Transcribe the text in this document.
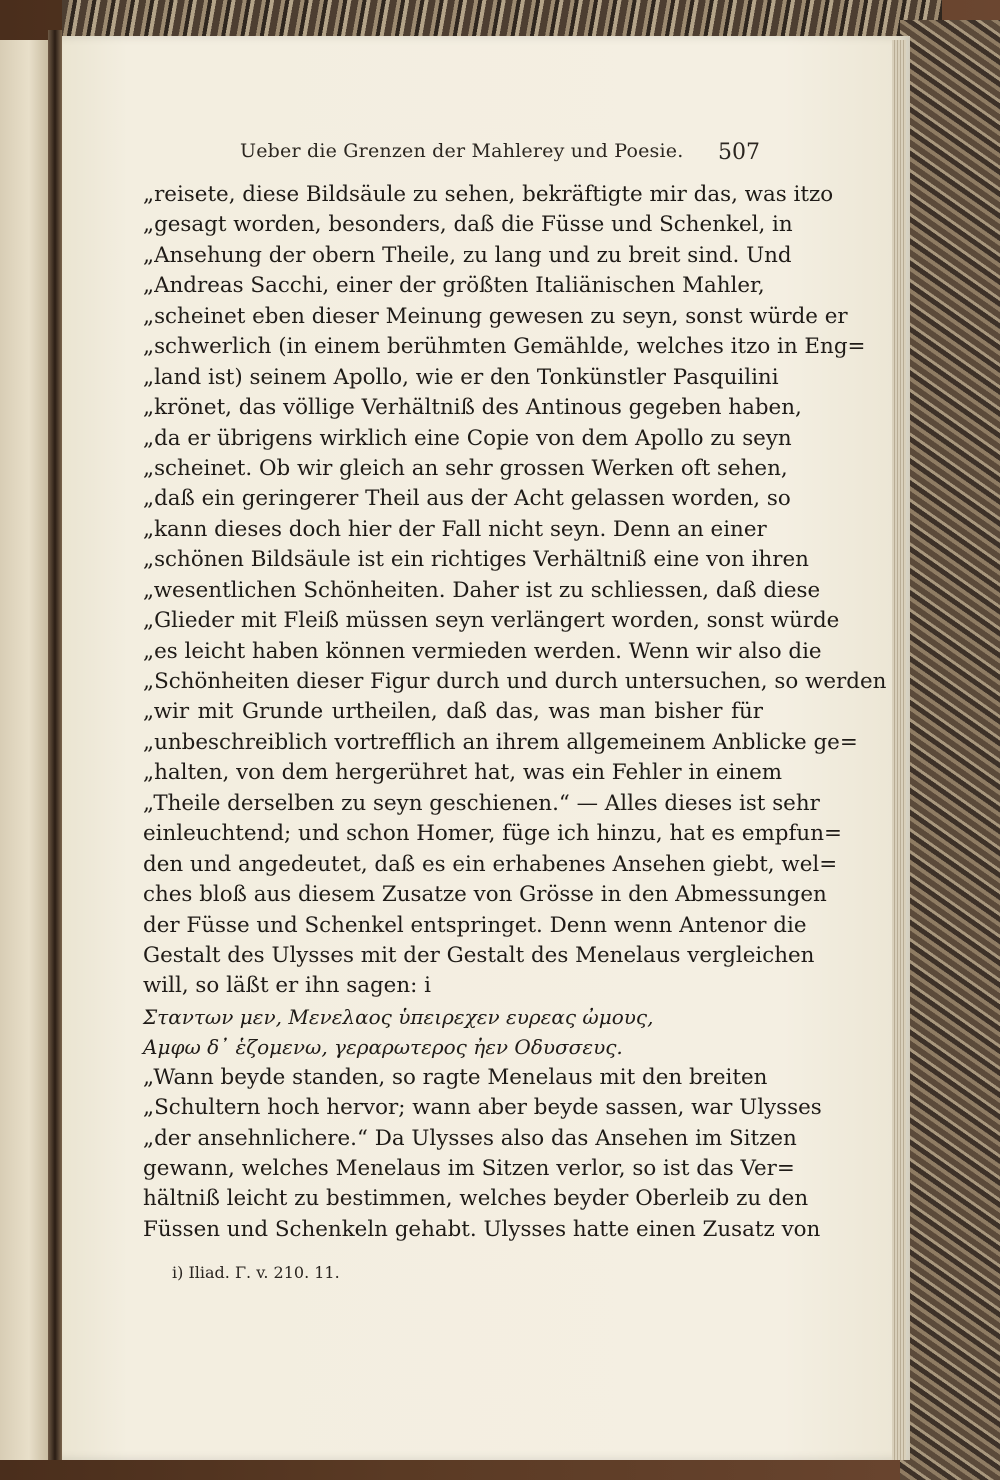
Ueber die Grenzen der Mahlerey und Poesie. 507
„reisete, diese Bildsäule zu sehen, bekräftigte mir das, was itzo
„gesagt worden, besonders, daß die Füsse und Schenkel, in
„Ansehung der obern Theile, zu lang und zu breit sind. Und
„Andreas Sacchi, einer der größten Italiänischen Mahler,
„scheinet eben dieser Meinung gewesen zu seyn, sonst würde er
„schwerlich (in einem berühmten Gemählde, welches itzo in Eng=
„land ist) seinem Apollo, wie er den Tonkünstler Pasquilini
„krönet, das völlige Verhältniß des Antinous gegeben haben,
„da er übrigens wirklich eine Copie von dem Apollo zu seyn
„scheinet. Ob wir gleich an sehr grossen Werken oft sehen,
„daß ein geringerer Theil aus der Acht gelassen worden, so
„kann dieses doch hier der Fall nicht seyn. Denn an einer
„schönen Bildsäule ist ein richtiges Verhältniß eine von ihren
„wesentlichen Schönheiten. Daher ist zu schliessen, daß diese
„Glieder mit Fleiß müssen seyn verlängert worden, sonst würde
„es leicht haben können vermieden werden. Wenn wir also die
„Schönheiten dieser Figur durch und durch untersuchen, so werden
„wir mit Grunde urtheilen, daß das, was man bisher für
„unbeschreiblich vortrefflich an ihrem allgemeinem Anblicke ge=
„halten, von dem hergerühret hat, was ein Fehler in einem
„Theile derselben zu seyn geschienen.“ — Alles dieses ist sehr
einleuchtend; und schon Homer, füge ich hinzu, hat es empfun=
den und angedeutet, daß es ein erhabenes Ansehen giebt, wel=
ches bloß aus diesem Zusatze von Grösse in den Abmessungen
der Füsse und Schenkel entspringet. Denn wenn Antenor die
Gestalt des Ulysses mit der Gestalt des Menelaus vergleichen
will, so läßt er ihn sagen: i
Σταντων μεν, Μενελαος ὑπειρεχεν ευρεας ὠμους,
Αμφω δ᾽ ἑζομενω, γεραρωτερος ἠεν Οδυσσευς.
„Wann beyde standen, so ragte Menelaus mit den breiten
„Schultern hoch hervor; wann aber beyde sassen, war Ulysses
„der ansehnlichere.“ Da Ulysses also das Ansehen im Sitzen
gewann, welches Menelaus im Sitzen verlor, so ist das Ver=
hältniß leicht zu bestimmen, welches beyder Oberleib zu den
Füssen und Schenkeln gehabt. Ulysses hatte einen Zusatz von
i) Iliad. Γ. v. 210. 11.
